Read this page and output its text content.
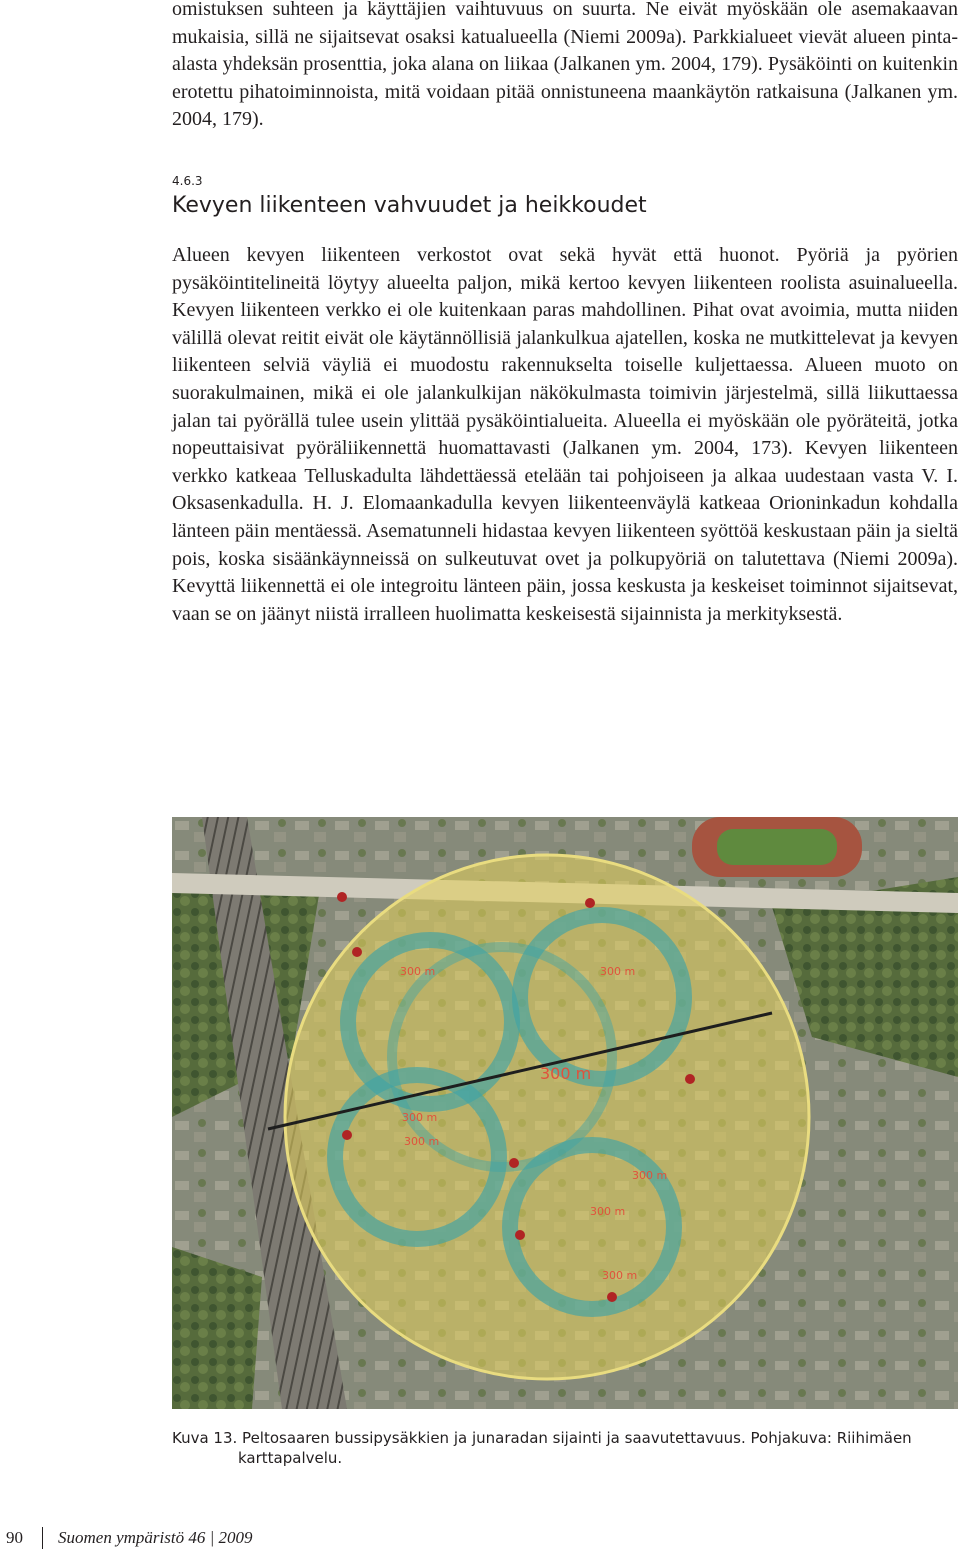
omistuksen suhteen ja käyttäjien vaihtuvuus on suurta. Ne eivät myöskään ole asemakaavan mukaisia, sillä ne sijaitsevat osaksi katualueella (Niemi 2009a). Parkkialueet vievät alueen pinta-alasta yhdeksän prosenttia, joka alana on liikaa (Jalkanen ym. 2004, 179). Pysäköinti on kuitenkin erotettu pihatoiminnoista, mitä voidaan pitää onnistuneena maankäytön ratkaisuna (Jalkanen ym. 2004, 179).

4.6.3

Kevyen liikenteen vahvuudet ja heikkoudet

Alueen kevyen liikenteen verkostot ovat sekä hyvät että huonot. Pyöriä ja pyörien pysäköintitelineitä löytyy alueelta paljon, mikä kertoo kevyen liikenteen roolista asuinalueella. Kevyen liikenteen verkko ei ole kuitenkaan paras mahdollinen. Pihat ovat avoimia, mutta niiden välillä olevat reitit eivät ole käytännöllisiä jalankulkua ajatellen, koska ne mutkittelevat ja kevyen liikenteen selviä väyliä ei muodostu rakennukselta toiselle kuljettaessa. Alueen muoto on suorakulmainen, mikä ei ole jalankulkijan näkökulmasta toimivin järjestelmä, sillä liikuttaessa jalan tai pyörällä tulee usein ylittää pysäköintialueita. Alueella ei myöskään ole pyöräteitä, jotka nopeuttaisivat pyöräliikennettä huomattavasti (Jalkanen ym. 2004, 173). Kevyen liikenteen verkko katkeaa Telluskadulta lähdettäessä etelään tai pohjoiseen ja alkaa uudestaan vasta V. I. Oksasenkadulla. H. J. Elomaankadulla kevyen liikenteenväylä katkeaa Orioninkadun kohdalla länteen päin mentäessä. Asematunneli hidastaa kevyen liikenteen syöttöä keskustaan päin ja sieltä pois, koska sisäänkäynneissä on sulkeutuvat ovet ja polkupyöriä on talutettava (Niemi 2009a). Kevyttä liikennettä ei ole integroitu länteen päin, jossa keskusta ja keskeiset toiminnot sijaitsevat, vaan se on jäänyt niistä irralleen huolimatta keskeisestä sijainnista ja merkityksestä.

300 m	300 m
300 m
300 m
300 m
300 m
300 m
300 m

Kuva 13. Peltosaaren bussipysäkkien ja junaradan sijainti ja saavutettavuus. Pohjakuva: Riihimäen karttapalvelu.

90 Suomen ympäristö 46 | 2009
